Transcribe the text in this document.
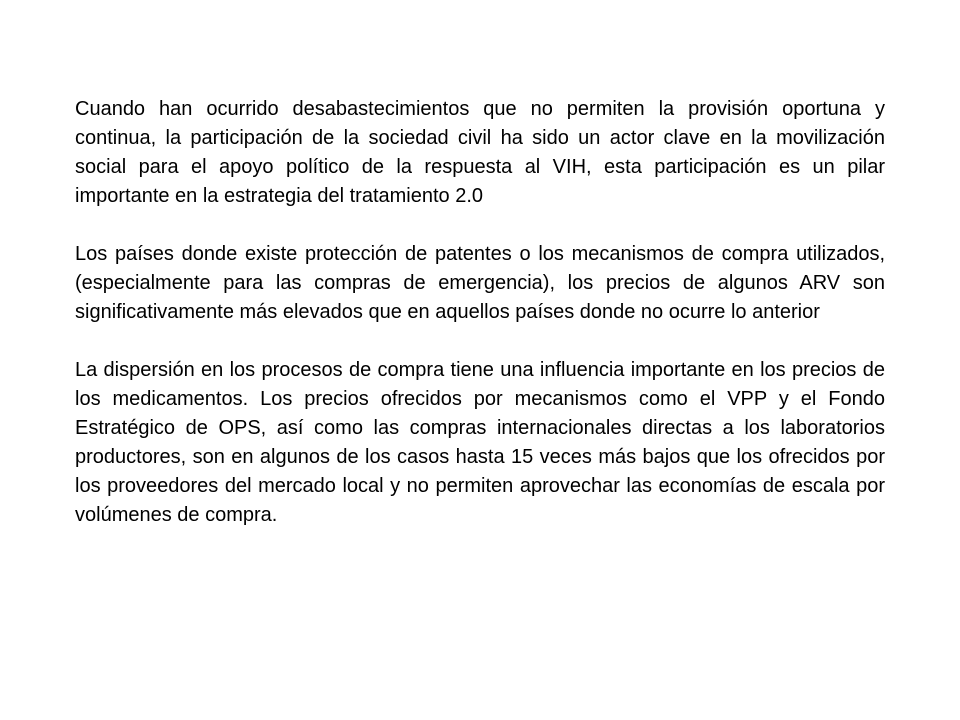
Cuando han ocurrido desabastecimientos que no permiten la provisión oportuna y continua, la participación de la sociedad civil ha sido un actor clave en la movilización social para el apoyo político de la respuesta al VIH, esta participación es un pilar importante en la estrategia del tratamiento 2.0

Los países donde existe protección de patentes o los mecanismos de compra utilizados, (especialmente para las compras de emergencia), los precios de algunos ARV son significativamente más elevados que en aquellos países donde no ocurre lo anterior

La dispersión en los procesos de compra tiene una influencia importante en los precios de los medicamentos. Los precios ofrecidos por mecanismos como el VPP y el Fondo Estratégico de OPS, así como las compras internacionales directas a los laboratorios productores, son en algunos de los casos hasta 15 veces más bajos que los ofrecidos por los proveedores del mercado local y no permiten aprovechar las economías de escala por volúmenes de compra.
